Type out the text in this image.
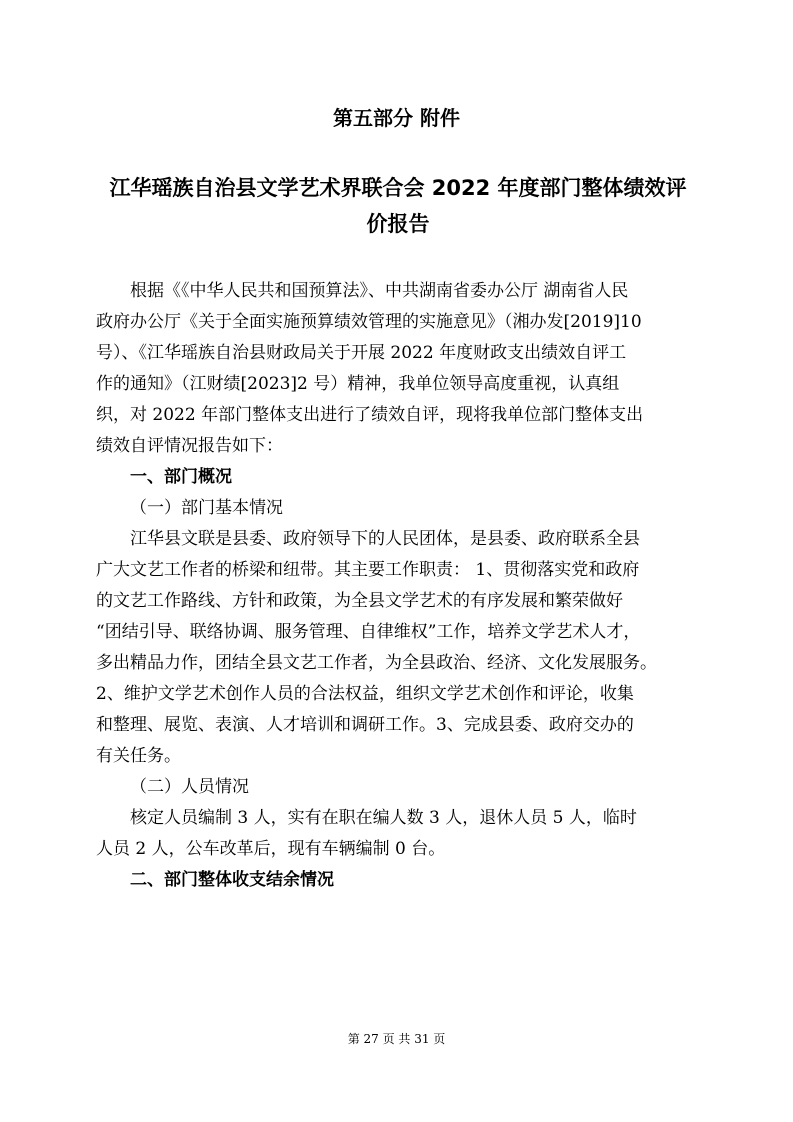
第五部分 附件
江华瑶族自治县文学艺术界联合会 2022 年度部门整体绩效评
价报告
根据《《中华人民共和国预算法》、中共湖南省委办公厅 湖南省人民
政府办公厅《关于全面实施预算绩效管理的实施意见》（湘办发[2019]10
号）、《江华瑶族自治县财政局关于开展 2022 年度财政支出绩效自评工
作的通知》（江财绩[2023]2 号）精神，我单位领导高度重视，认真组
织，对 2022 年部门整体支出进行了绩效自评，现将我单位部门整体支出
绩效自评情况报告如下：
一、部门概况
（一）部门基本情况
江华县文联是县委、政府领导下的人民团体，是县委、政府联系全县
广大文艺工作者的桥梁和纽带。其主要工作职责： 1、贯彻落实党和政府
的文艺工作路线、方针和政策，为全县文学艺术的有序发展和繁荣做好
“团结引导、联络协调、服务管理、自律维权”工作，培养文学艺术人才，
多出精品力作，团结全县文艺工作者，为全县政治、经济、文化发展服务。
2、维护文学艺术创作人员的合法权益，组织文学艺术创作和评论，收集
和整理、展览、表演、人才培训和调研工作。3、完成县委、政府交办的
有关任务。
（二）人员情况
核定人员编制 3 人，实有在职在编人数 3 人，退休人员 5 人，临时
人员 2 人，公车改革后，现有车辆编制 0 台。
二、部门整体收支结余情况
第 27 页 共 31 页
